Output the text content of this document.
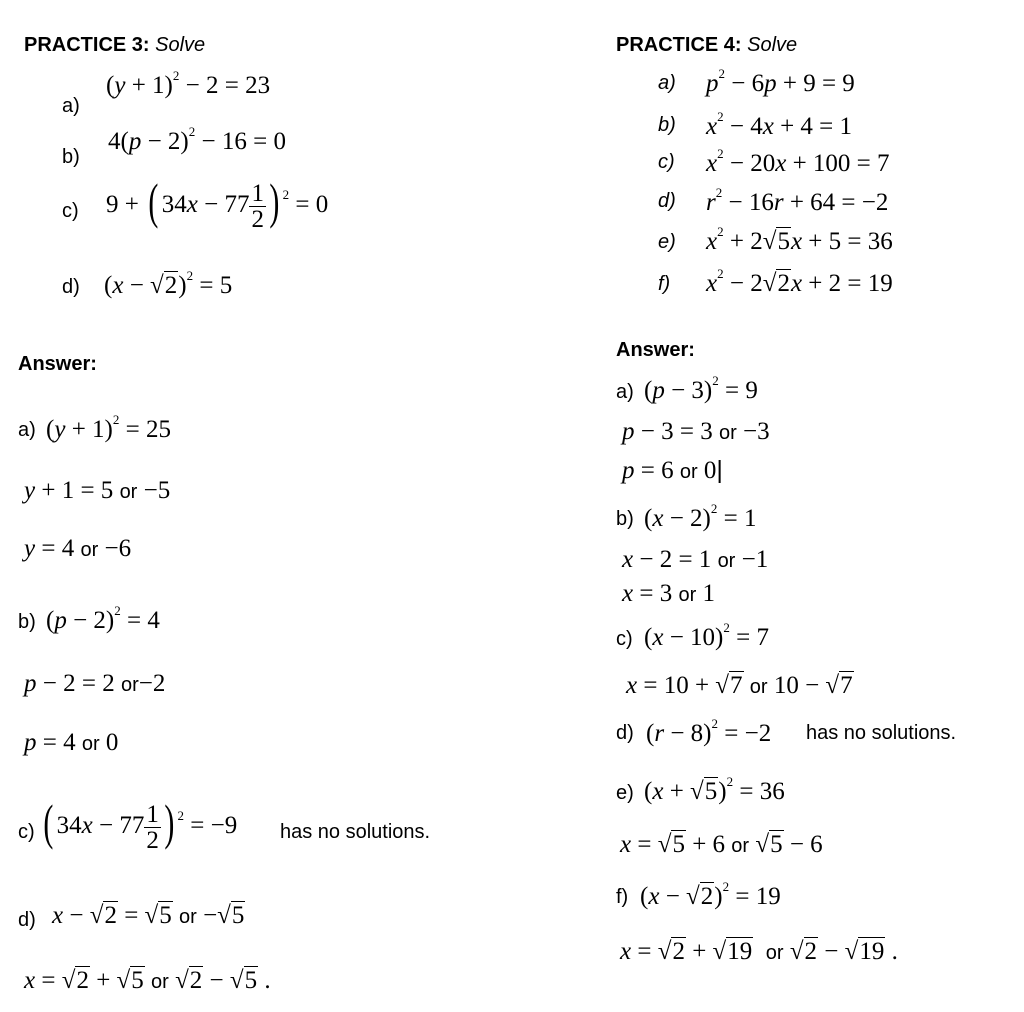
PRACTICE 3: Solve
a)
$(y + 1)^2 - 2 = 23$
b)
$4(p - 2)^2 - 16 = 0$
c) 9 + ( $34x - 77 \frac{1}{2}$ ) $^2$ = 0
d) $(x - √2)^2 = 5$
Answer:
a) $(y + 1)^2 = 25$
y + 1 = 5 or −5
y = 4 or −6
b) $(p - 2)^2 = 4$
p − 2 = 2 or−2
p = 4 or 0
c) ( $34x - 77 \frac{1}{2}$ ) $^2$ = −9 has no solutions.
d) x − √2 = √5 or −√5
x = √2 + √5 or √2 − √5 .
PRACTICE 4: Solve
a) $p^2 - 6p + 9 = 9$
b) $x^2 - 4x + 4 = 1$
c) $x^2 - 20x + 100 = 7$
d) $r^2 - 16r + 64 = -2$
e) $x^2 + 2√5x + 5 = 36$
f) $x^2 - 2√2x + 2 = 19$
Answer:
a) $(p - 3)^2 = 9$
p − 3 = 3 or −3
p = 6 or 0|
b) $(x - 2)^2 = 1$
x − 2 = 1 or −1
x = 3 or 1
c) $(x - 10)^2 = 7$
x = 10 + √7 or 10 − √7
d) $(r - 8)^2 = -2$ has no solutions.
e) $(x + √5)^2 = 36$
x = √5 + 6 or √5 − 6
f) $(x - √2)^2 = 19$
x = √2 + √19 or √2 − √19 .
